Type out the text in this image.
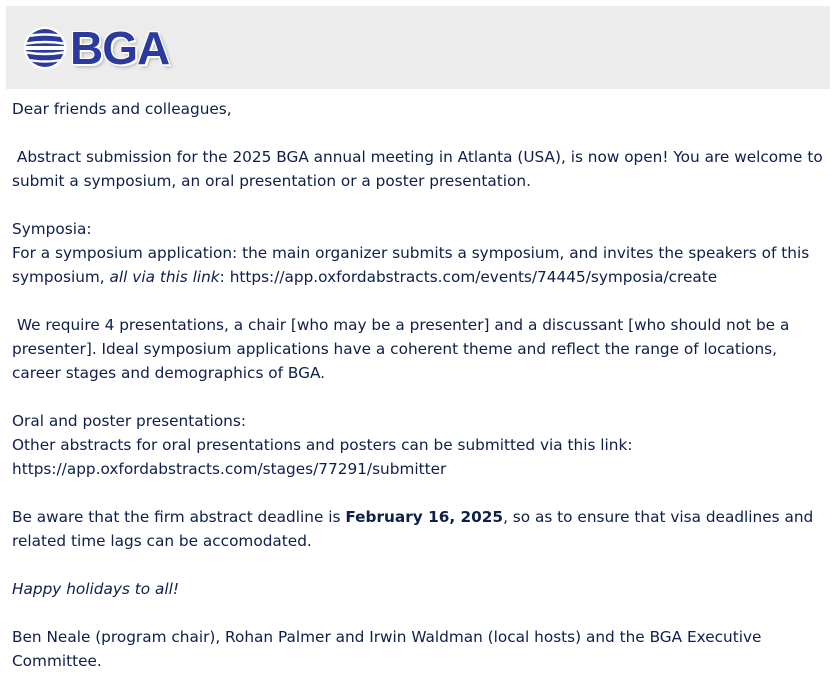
BGA

Dear friends and colleagues,

Abstract submission for the 2025 BGA annual meeting in Atlanta (USA), is now open! You are welcome to submit a symposium, an oral presentation or a poster presentation.

Symposia:

For a symposium application: the main organizer submits a symposium, and invites the speakers of this symposium, all via this link: https://app.oxfordabstracts.com/events/74445/symposia/create

We require 4 presentations, a chair [who may be a presenter] and a discussant [who should not be a presenter]. Ideal symposium applications have a coherent theme and reflect the range of locations, career stages and demographics of BGA.

Oral and poster presentations:

Other abstracts for oral presentations and posters can be submitted via this link:

https://app.oxfordabstracts.com/stages/77291/submitter

Be aware that the firm abstract deadline is February 16, 2025, so as to ensure that visa deadlines and related time lags can be accomodated.

Happy holidays to all!

Ben Neale (program chair), Rohan Palmer and Irwin Waldman (local hosts) and the BGA Executive Committee.
